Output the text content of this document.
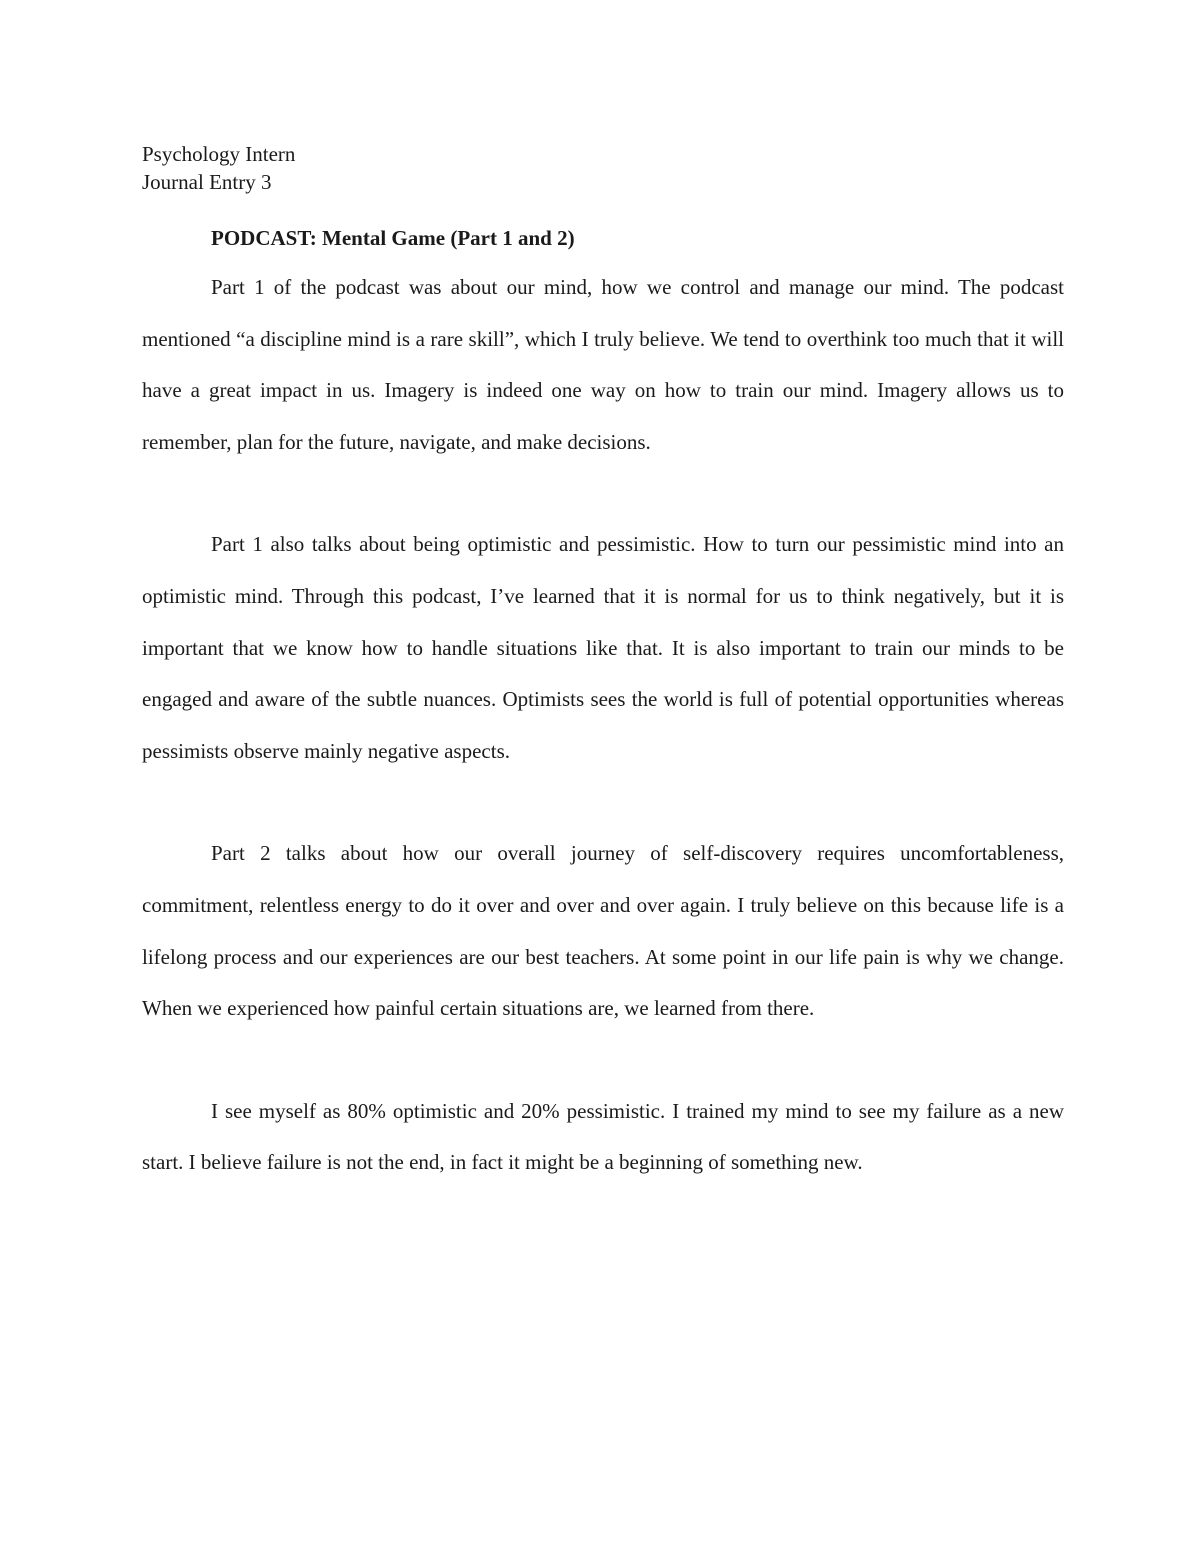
Psychology Intern

Journal Entry 3

PODCAST: Mental Game (Part 1 and 2)

Part 1 of the podcast was about our mind, how we control and manage our mind. The podcast mentioned “a discipline mind is a rare skill”, which I truly believe. We tend to overthink too much that it will have a great impact in us. Imagery is indeed one way on how to train our mind. Imagery allows us to remember, plan for the future, navigate, and make decisions.

Part 1 also talks about being optimistic and pessimistic. How to turn our pessimistic mind into an optimistic mind. Through this podcast, I’ve learned that it is normal for us to think negatively, but it is important that we know how to handle situations like that. It is also important to train our minds to be engaged and aware of the subtle nuances. Optimists sees the world is full of potential opportunities whereas pessimists observe mainly negative aspects.

Part 2 talks about how our overall journey of self-discovery requires uncomfortableness, commitment, relentless energy to do it over and over and over again. I truly believe on this because life is a lifelong process and our experiences are our best teachers. At some point in our life pain is why we change. When we experienced how painful certain situations are, we learned from there.

I see myself as 80% optimistic and 20% pessimistic. I trained my mind to see my failure as a new start. I believe failure is not the end, in fact it might be a beginning of something new.
